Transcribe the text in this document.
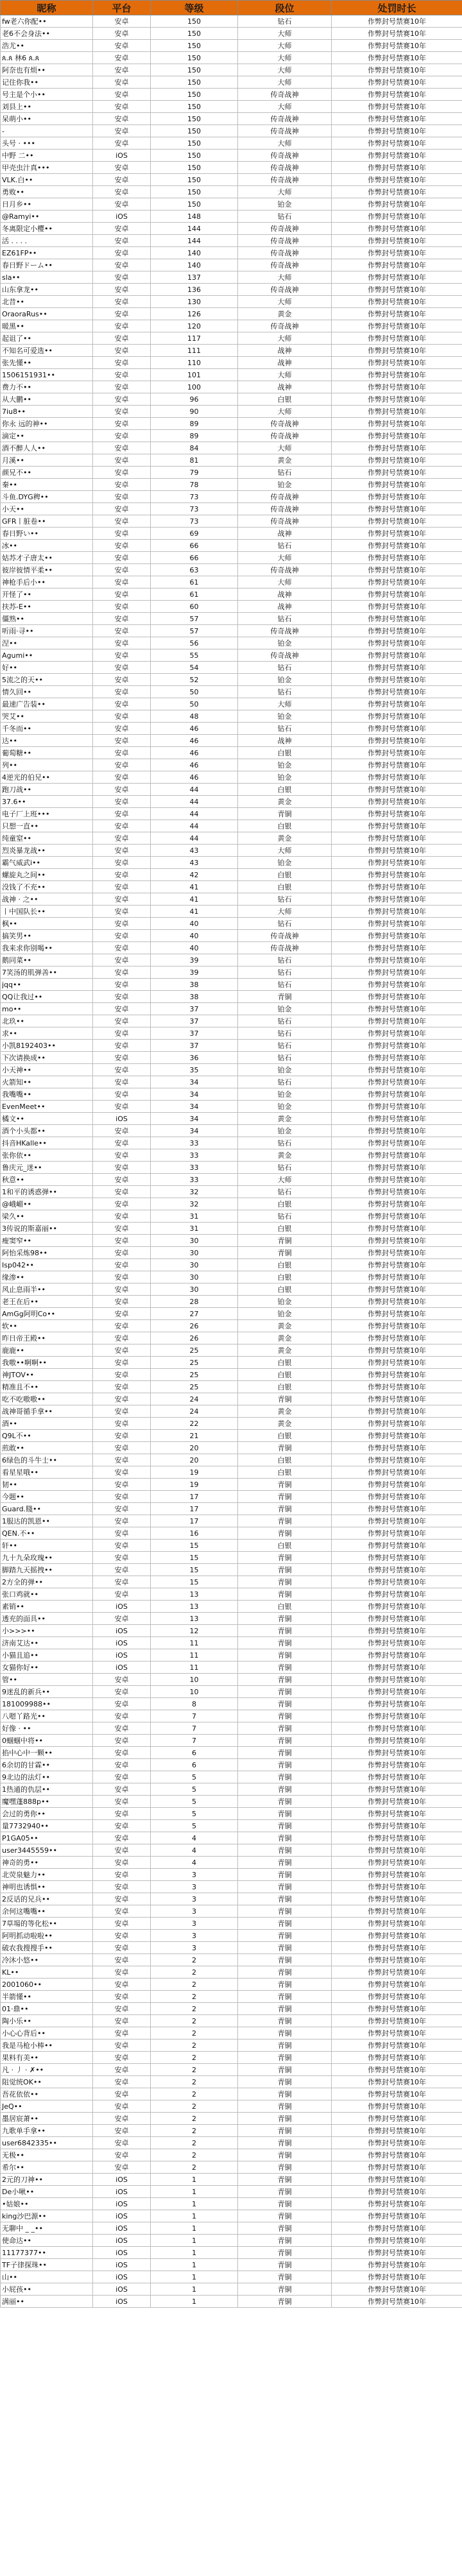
昵称	平台	等级	段位	处罚时长
fw老六你配••	安卓	150	钻石	作弊封号禁赛10年
老6不会身法••	安卓	150	大师	作弊封号禁赛10年
浩尤••	安卓	150	大师	作弊封号禁赛10年
ጰ.ጰ 林6 ጰ.ጰ	安卓	150	大师	作弊封号禁赛10年
阿奈也有烦••	安卓	150	大师	作弊封号禁赛10年
记住你我••	安卓	150	大师	作弊封号禁赛10年
号主是个小••	安卓	150	传奇战神	作弊封号禁赛10年
刘县上••	安卓	150	大师	作弊封号禁赛10年
呆萌小••	安卓	150	传奇战神	作弊封号禁赛10年
-	安卓	150	传奇战神	作弊封号禁赛10年
头号 · •••	安卓	150	大师	作弊封号禁赛10年
中野 二••	iOS	150	传奇战神	作弊封号禁赛10年
甲壳虫汁真•••	安卓	150	传奇战神	作弊封号禁赛10年
VLK.白••	安卓	150	传奇战神	作弊封号禁赛10年
勇败••	安卓	150	大师	作弊封号禁赛10年
日月乡••	安卓	150	铂金	作弊封号禁赛10年
@Ramyi••	iOS	148	钻石	作弊封号禁赛10年
冬离限定小樱••	安卓	144	传奇战神	作弊封号禁赛10年
活 . . . .	安卓	144	传奇战神	作弊封号禁赛10年
EZ61FP••	安卓	140	传奇战神	作弊封号禁赛10年
春日野ドーム••	安卓	140	传奇战神	作弊封号禁赛10年
sla••	安卓	137	大师	作弊封号禁赛10年
山东拿龙••	安卓	136	传奇战神	作弊封号禁赛10年
北昔••	安卓	130	大师	作弊封号禁赛10年
OraoraRus••	安卓	126	黄金	作弊封号禁赛10年
暖黑••	安卓	120	传奇战神	作弊封号禁赛10年
起诅了••	安卓	117	大师	作弊封号禁赛10年
不知名可爱选••	安卓	111	战神	作弊封号禁赛10年
张先懂••	安卓	110	战神	作弊封号禁赛10年
1506151931••	安卓	101	大师	作弊封号禁赛10年
费力不••	安卓	100	战神	作弊封号禁赛10年
从大鹏••	安卓	96	白银	作弊封号禁赛10年
7iu8••	安卓	90	大师	作弊封号禁赛10年
你永 远的神••	安卓	89	传奇战神	作弊封号禁赛10年
滴定••	安卓	89	传奇战神	作弊封号禁赛10年
酒不醉人人••	安卓	84	大师	作弊封号禁赛10年
月溪••	安卓	81	黄金	作弊封号禁赛10年
颜兄不••	安卓	79	钻石	作弊封号禁赛10年
秦••	安卓	78	铂金	作弊封号禁赛10年
斗鱼.DYG稗••	安卓	73	传奇战神	作弊封号禁赛10年
小天••	安卓	73	传奇战神	作弊封号禁赛10年
GFR丨脏卷••	安卓	73	传奇战神	作弊封号禁赛10年
春日野い••	安卓	69	战神	作弊封号禁赛10年
冰••	安卓	66	钻石	作弊封号禁赛10年
姑苏才子唐太••	安卓	66	大师	作弊封号禁赛10年
彼岸彼情平柔••	安卓	63	传奇战神	作弊封号禁赛10年
神枪手后小••	安卓	61	大师	作弊封号禁赛10年
开怪了••	安卓	61	战神	作弊封号禁赛10年
扶苏-E••	安卓	60	战神	作弊封号禁赛10年
僵熟••	安卓	57	钻石	作弊封号禁赛10年
听雨·寻••	安卓	57	传奇战神	作弊封号禁赛10年
涅••	安卓	56	铂金	作弊封号禁赛10年
Agumi••	安卓	55	传奇战神	作弊封号禁赛10年
好••	安卓	54	钻石	作弊封号禁赛10年
5流之的天••	安卓	52	铂金	作弊封号禁赛10年
情久回••	安卓	50	钻石	作弊封号禁赛10年
最速广告装••	安卓	50	大师	作弊封号禁赛10年
哭艾••	安卓	48	铂金	作弊封号禁赛10年
千冬而••	安卓	46	钻石	作弊封号禁赛10年
达••	安卓	46	战神	作弊封号禁赛10年
葡萄糖••	安卓	46	白银	作弊封号禁赛10年
列••	安卓	46	铂金	作弊封号禁赛10年
4逆光的伯兄••	安卓	46	铂金	作弊封号禁赛10年
跑刀战••	安卓	44	白银	作弊封号禁赛10年
37.6••	安卓	44	黄金	作弊封号禁赛10年
电子厂上班•••	安卓	44	青铜	作弊封号禁赛10年
只想一直••	安卓	44	白银	作弊封号禁赛10年
纯童窒••	安卓	44	黄金	作弊封号禁赛10年
烈炎暴龙战••	安卓	43	大师	作弊封号禁赛10年
霸气威武i••	安卓	43	铂金	作弊封号禁赛10年
螺旋丸之间••	安卓	42	白银	作弊封号禁赛10年
没钱了不充••	安卓	41	白银	作弊封号禁赛10年
战神 · 之••	安卓	41	钻石	作弊封号禁赛10年
丨中国队长••	安卓	41	大师	作弊封号禁赛10年
枫••	安卓	40	钻石	作弊封号禁赛10年
搞笑男••	安卓	40	传奇战神	作弊封号禁赛10年
我来求你别喝••	安卓	40	传奇战神	作弊封号禁赛10年
鹅同菜••	安卓	39	钻石	作弊封号禁赛10年
7笑汤的肌弹善••	安卓	39	钻石	作弊封号禁赛10年
jqq••	安卓	38	钻石	作弊封号禁赛10年
QQ让我过••	安卓	38	青铜	作弊封号禁赛10年
mo••	安卓	37	铂金	作弊封号禁赛10年
北玖••	安卓	37	钻石	作弊封号禁赛10年
求••	安卓	37	钻石	作弊封号禁赛10年
小凯8192403••	安卓	37	钻石	作弊封号禁赛10年
下次请换成••	安卓	36	钻石	作弊封号禁赛10年
小天神••	安卓	35	铂金	作弊封号禁赛10年
火箭知••	安卓	34	钻石	作弊封号禁赛10年
我嘴嘴••	安卓	34	铂金	作弊封号禁赛10年
EvenMeet••	安卓	34	铂金	作弊封号禁赛10年
橘文••	iOS	34	黄金	作弊封号禁赛10年
酒个小头都••	安卓	34	铂金	作弊封号禁赛10年
抖音HKalle••	安卓	33	钻石	作弊封号禁赛10年
张你依••	安卓	33	黄金	作弊封号禁赛10年
鲁庆元_迷••	安卓	33	钻石	作弊封号禁赛10年
秋意••	安卓	33	大师	作弊封号禁赛10年
1和平的诱惑弹••	安卓	32	钻石	作弊封号禁赛10年
@峨嵋••	安卓	32	白银	作弊封号禁赛10年
梁久••	安卓	31	钻石	作弊封号禁赛10年
3传说的斯嘉丽••	安卓	31	白银	作弊封号禁赛10年
瘦窦窄••	安卓	30	青铜	作弊封号禁赛10年
阿怡采炼98••	安卓	30	青铜	作弊封号禁赛10年
Isp042••	安卓	30	白银	作弊封号禁赛10年
缘渗••	安卓	30	白银	作弊封号禁赛10年
风止息雨半••	安卓	30	白银	作弊封号禁赛10年
老王在后••	安卓	28	铂金	作弊封号禁赛10年
AmGg阿明Co••	安卓	27	铂金	作弊封号禁赛10年
软••	安卓	26	黄金	作弊封号禁赛10年
昨日帝王殿••	安卓	26	黄金	作弊封号禁赛10年
鹿鹿••	安卓	25	黄金	作弊封号禁赛10年
我嗷••啊啊••	安卓	25	白银	作弊封号禁赛10年
神JTOV••	安卓	25	白银	作弊封号禁赛10年
精准且不••	安卓	25	白银	作弊封号禁赛10年
吃不吃嗷嗷••	安卓	24	青铜	作弊封号禁赛10年
战神哥循手拿••	安卓	24	黄金	作弊封号禁赛10年
酒••	安卓	22	黄金	作弊封号禁赛10年
Q9L不••	安卓	21	白银	作弊封号禁赛10年
煎敢••	安卓	20	青铜	作弊封号禁赛10年
6绿色的斗牛士••	安卓	20	白银	作弊封号禁赛10年
看星星哦••	安卓	19	白银	作弊封号禁赛10年
韧••	安卓	19	青铜	作弊封号禁赛10年
今题••	安卓	17	青铜	作弊封号禁赛10年
Guard.賤••	安卓	17	青铜	作弊封号禁赛10年
1服达的凯恩••	安卓	17	青铜	作弊封号禁赛10年
QEN.不••	安卓	16	青铜	作弊封号禁赛10年
轩••	安卓	15	白银	作弊封号禁赛10年
九十九朵玫瑰••	安卓	15	青铜	作弊封号禁赛10年
脚踏九天摇拽••	安卓	15	青铜	作弊封号禁赛10年
2方全的弹••	安卓	15	青铜	作弊封号禁赛10年
张口鸡就••	安卓	13	青铜	作弊封号禁赛10年
素销••	iOS	13	白银	作弊封号禁赛10年
透充的面具••	安卓	13	青铜	作弊封号禁赛10年
小>>>••	iOS	12	青铜	作弊封号禁赛10年
济南艾达••	iOS	11	青铜	作弊封号禁赛10年
小猫且追••	iOS	11	青铜	作弊封号禁赛10年
女猫你好••	iOS	11	青铜	作弊封号禁赛10年
管••	安卓	10	青铜	作弊封号禁赛10年
9迷乱的新兵••	安卓	10	青铜	作弊封号禁赛10年
181009988••	安卓	8	青铜	作弊封号禁赛10年
八嗯丫路光••	安卓	7	青铜	作弊封号禁赛10年
好像 · ••	安卓	7	青铜	作弊封号禁赛10年
0蝈蝈中将••	安卓	7	青铜	作弊封号禁赛10年
掐中心中一颗••	安卓	6	青铜	作弊封号禁赛10年
6余切的甘霖••	安卓	6	青铜	作弊封号禁赛10年
9北边的法灯••	安卓	5	青铜	作弊封号禁赛10年
1热通的仇层••	安卓	5	青铜	作弊封号禁赛10年
魔嘿蓬888p••	安卓	5	青铜	作弊封号禁赛10年
会过的勇你••	安卓	5	青铜	作弊封号禁赛10年
量7732940••	安卓	5	青铜	作弊封号禁赛10年
P1GA05••	安卓	4	青铜	作弊封号禁赛10年
user3445559••	安卓	4	青铜	作弊封号禁赛10年
神奇的勇••	安卓	4	青铜	作弊封号禁赛10年
北荧泉魅力••	安卓	3	青铜	作弊封号禁赛10年
神明也诱惧••	安卓	3	青铜	作弊封号禁赛10年
2反话的兄兵••	安卓	3	青铜	作弊封号禁赛10年
余何这嘴嘴••	安卓	3	青铜	作弊封号禁赛10年
7草場的等化松••	安卓	3	青铜	作弊封号禁赛10年
阿明抓动啦啦••	安卓	3	青铜	作弊封号禁赛10年
破农我搜搜手••	安卓	3	青铜	作弊封号禁赛10年
冷沐小悠••	安卓	2	青铜	作弊封号禁赛10年
KL••	安卓	2	青铜	作弊封号禁赛10年
2001060••	安卓	2	青铜	作弊封号禁赛10年
半箭懂••	安卓	2	青铜	作弊封号禁赛10年
01·鼎••	安卓	2	青铜	作弊封号禁赛10年
陶小乐••	安卓	2	青铜	作弊封号禁赛10年
小心心背后••	安卓	2	青铜	作弊封号禁赛10年
我是马枪小棒••	安卓	2	青铜	作弊封号禁赛10年
果料有美••	安卓	2	青铜	作弊封号禁赛10年
凡 · 丿 · ✗••	安卓	2	青铜	作弊封号禁赛10年
阻觉统OK••	安卓	2	青铜	作弊封号禁赛10年
吾花依依••	安卓	2	青铜	作弊封号禁赛10年
JeQ••	安卓	2	青铜	作弊封号禁赛10年
墨居宸萧••	安卓	2	青铜	作弊封号禁赛10年
九歌单手拿••	安卓	2	青铜	作弊封号禁赛10年
user6842335••	安卓	2	青铜	作弊封号禁赛10年
无极••	安卓	2	青铜	作弊封号禁赛10年
希尔••	安卓	2	青铜	作弊封号禁赛10年
2元的刀神••	iOS	1	青铜	作弊封号禁赛10年
De小啾••	iOS	1	青铜	作弊封号禁赛10年
•姑娘••	iOS	1	青铜	作弊封号禁赛10年
king沙巴源••	iOS	1	青铜	作弊封号禁赛10年
无聊中 _ _••	iOS	1	青铜	作弊封号禁赛10年
使命达••	iOS	1	青铜	作弊封号禁赛10年
11177377••	iOS	1	青铜	作弊封号禁赛10年
TF子律探珠••	iOS	1	青铜	作弊封号禁赛10年
山••	iOS	1	青铜	作弊封号禁赛10年
小屁孩••	iOS	1	青铜	作弊封号禁赛10年
满丽••	iOS	1	青铜	作弊封号禁赛10年
